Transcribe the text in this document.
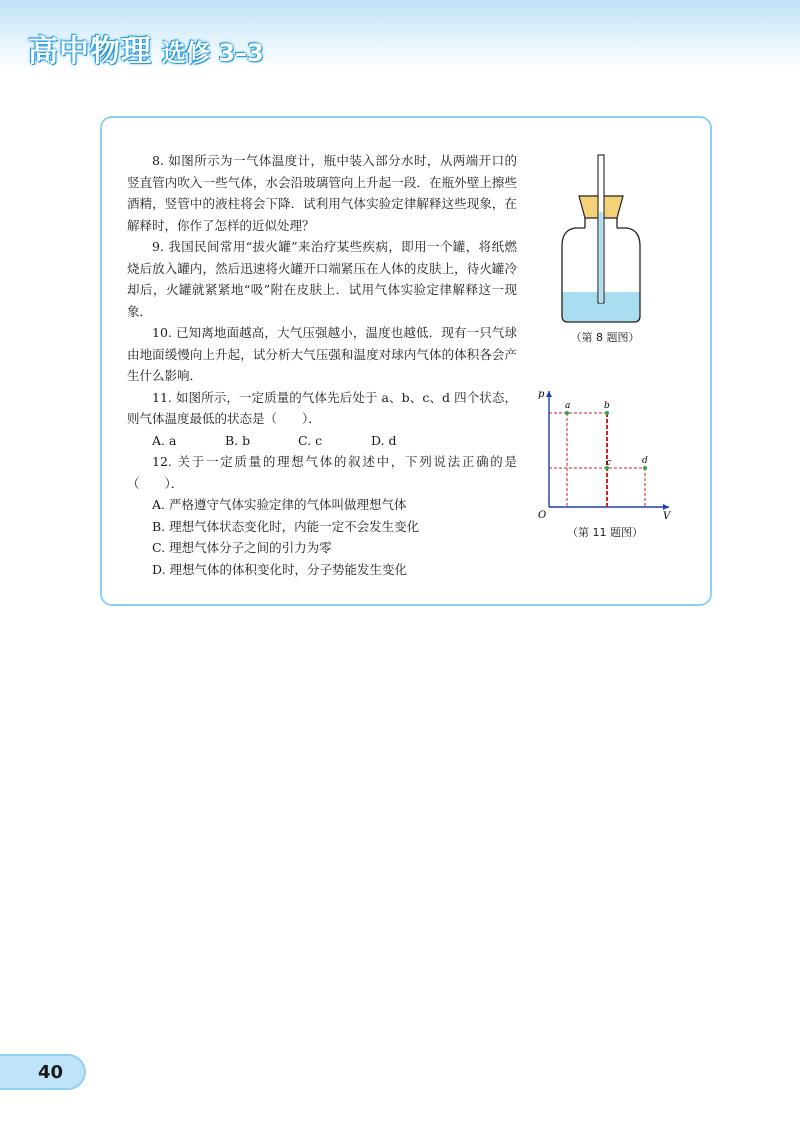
高中物理 选修 3–3

8. 如图所示为一气体温度计，瓶中装入部分水时，从两端开口的竖直管内吹入一些气体，水会沿玻璃管向上升起一段．在瓶外壁上擦些酒精，竖管中的液柱将会下降．试利用气体实验定律解释这些现象，在解释时，你作了怎样的近似处理？

9. 我国民间常用“拔火罐”来治疗某些疾病，即用一个罐，将纸燃烧后放入罐内，然后迅速将火罐开口端紧压在人体的皮肤上，待火罐冷却后，火罐就紧紧地“吸”附在皮肤上．试用气体实验定律解释这一现象．

10. 已知离地面越高，大气压强越小，温度也越低．现有一只气球由地面缓慢向上升起，试分析大气压强和温度对球内气体的体积各会产生什么影响．

11. 如图所示，一定质量的气体先后处于 a、b、c、d 四个状态，则气体温度最低的状态是（　　）．

A. a	B. b	C. c	D. d

12. 关于一定质量的理想气体的叙述中，下列说法正确的是（　　）．

A. 严格遵守气体实验定律的气体叫做理想气体

B. 理想气体状态变化时，内能一定不会发生变化

C. 理想气体分子之间的引力为零

D. 理想气体的体积变化时，分子势能发生变化

（第 8 题图）
p
V
O
a	b
c	d
（第 11 题图）
40
